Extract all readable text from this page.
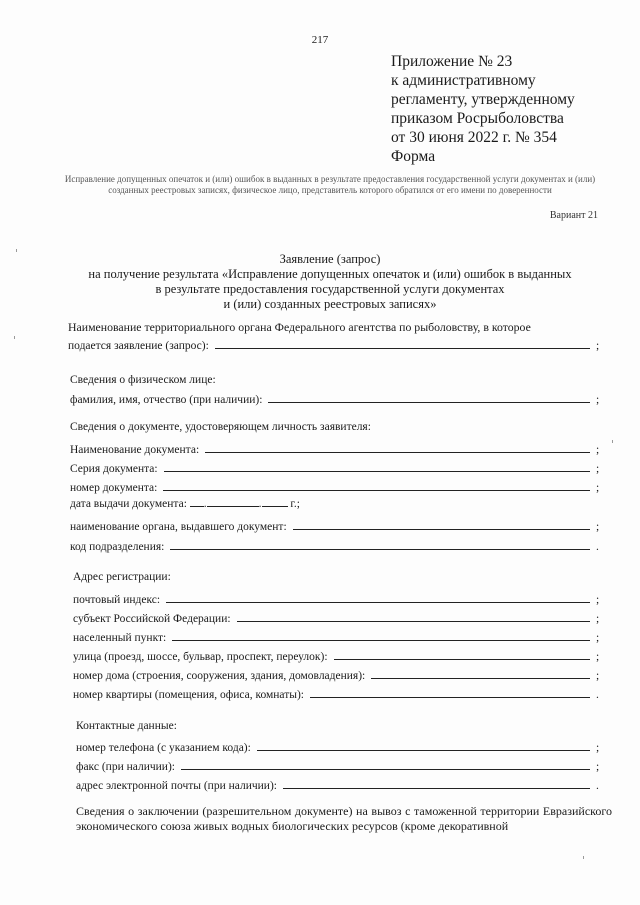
217
Приложение № 23
к административному
регламенту, утвержденному
приказом Росрыболовства
от 30 июня 2022 г. № 354
Форма
Исправление допущенных опечаток и (или) ошибок в выданных в результате предоставления государственной услуги документах и (или) созданных реестровых записях, физическое лицо, представитель которого обратился от его имени по доверенности
Вариант 21
Заявление (запрос)
на получение результата «Исправление допущенных опечаток и (или) ошибок в выданных
в результате предоставления государственной услуги документах
и (или) созданных реестровых записях»
Наименование территориального органа Федерального агентства по рыболовству, в которое
подается заявление (запрос):	;
Сведения о физическом лице:
фамилия, имя, отчество (при наличии):	;
Сведения о документе, удостоверяющем личность заявителя:
Наименование документа:	;
Серия документа:	;
номер документа:	;
дата выдачи документа: .	.	г.;
наименование органа, выдавшего документ:	;
код подразделения:	.
Адрес регистрации:
почтовый индекс:	;
субъект Российской Федерации:	;
населенный пункт:	;
улица (проезд, шоссе, бульвар, проспект, переулок):	;
номер дома (строения, сооружения, здания, домовладения):	;
номер квартиры (помещения, офиса, комнаты):	.
Контактные данные:
номер телефона (с указанием кода):	;
факс (при наличии):	;
адрес электронной почты (при наличии):	.
Сведения о заключении (разрешительном документе) на вывоз с таможенной территории Евразийского экономического союза живых водных биологических ресурсов (кроме декоративной
